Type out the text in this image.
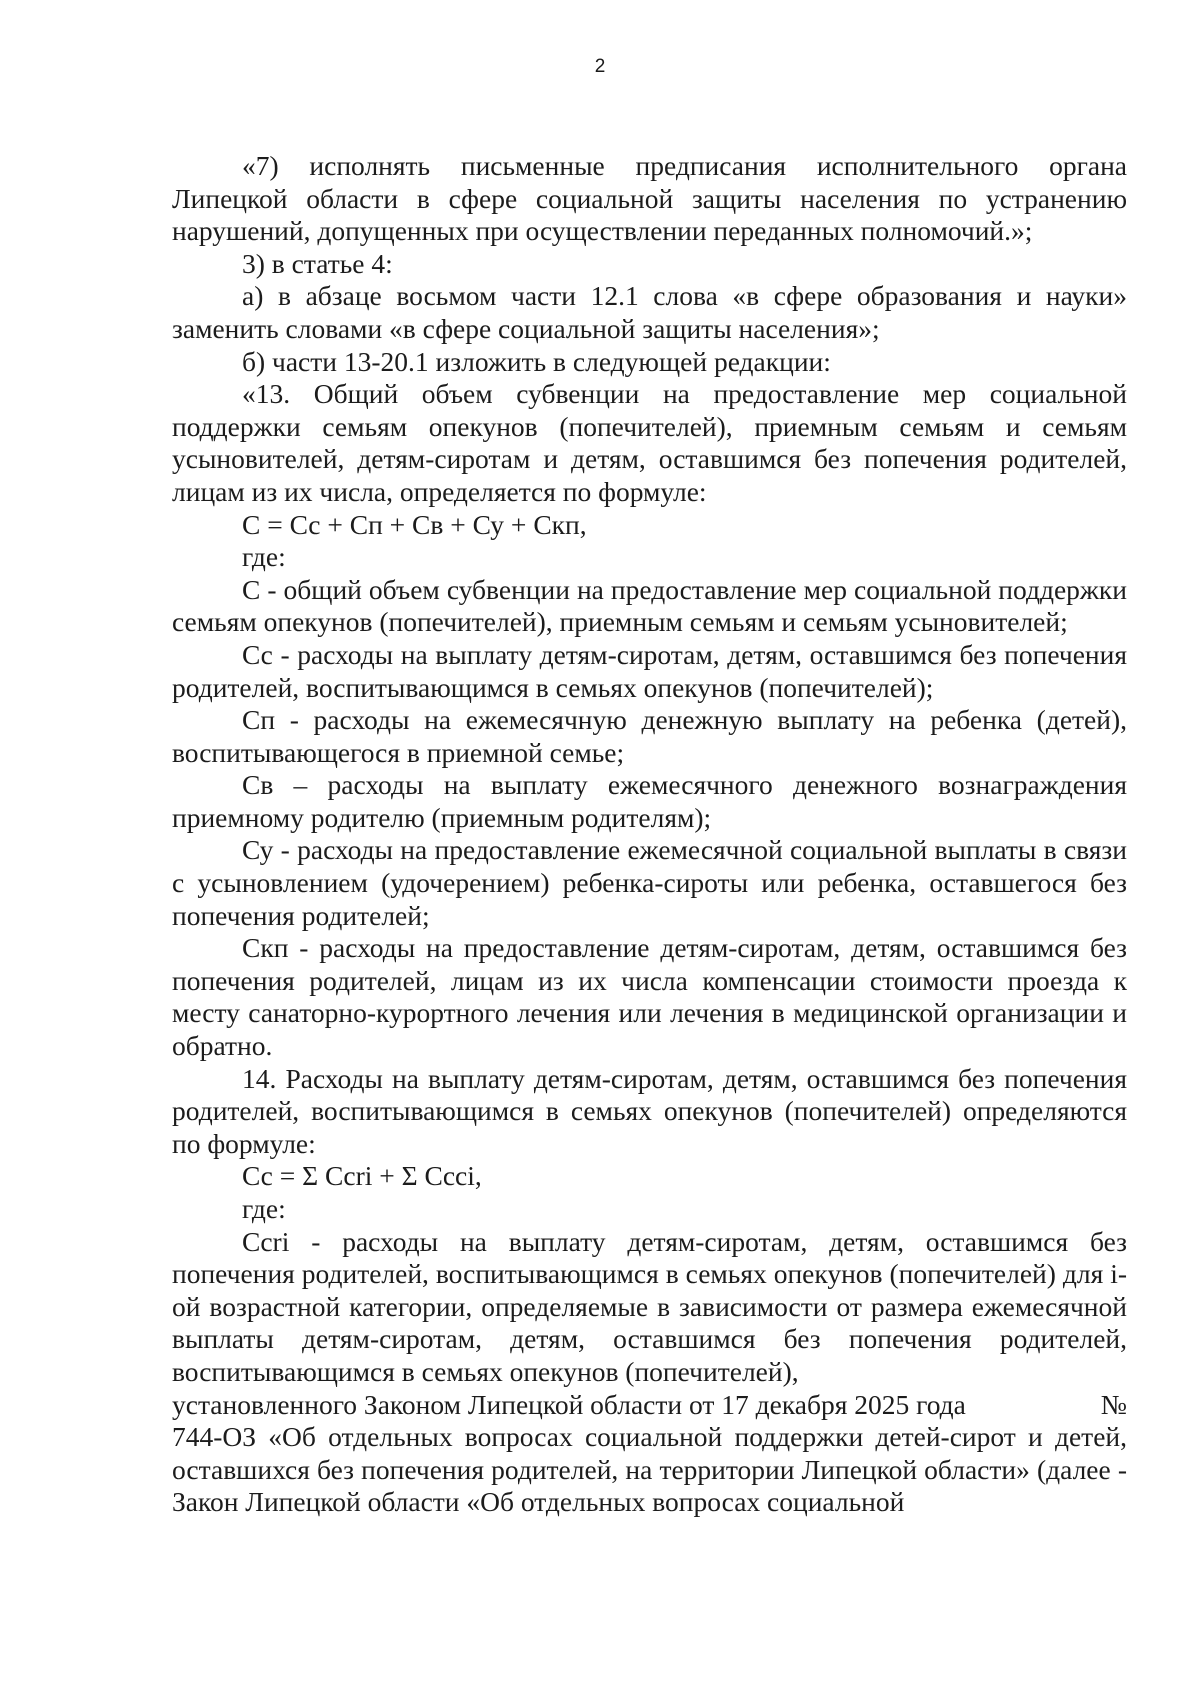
2

«7) исполнять письменные предписания исполнительного органа Липецкой области в сфере социальной защиты населения по устранению нарушений, допущенных при осуществлении переданных полномочий.»;

3) в статье 4:

а) в абзаце восьмом части 12.1 слова «в сфере образования и науки» заменить словами «в сфере социальной защиты населения»;

б) части 13-20.1 изложить в следующей редакции:

«13. Общий объем субвенции на предоставление мер социальной поддержки семьям опекунов (попечителей), приемным семьям и семьям усыновителей, детям-сиротам и детям, оставшимся без попечения родителей, лицам из их числа, определяется по формуле:

С = Сс + Сп + Св + Су + Скп,

где:

С - общий объем субвенции на предоставление мер социальной поддержки семьям опекунов (попечителей), приемным семьям и семьям усыновителей;

Сс - расходы на выплату детям-сиротам, детям, оставшимся без попечения родителей, воспитывающимся в семьях опекунов (попечителей);

Сп - расходы на ежемесячную денежную выплату на ребенка (детей), воспитывающегося в приемной семье;

Св – расходы на выплату ежемесячного денежного вознаграждения приемному родителю (приемным родителям);

Су - расходы на предоставление ежемесячной социальной выплаты в связи с усыновлением (удочерением) ребенка-сироты или ребенка, оставшегося без попечения родителей;

Скп - расходы на предоставление детям-сиротам, детям, оставшимся без попечения родителей, лицам из их числа компенсации стоимости проезда к месту санаторно-курортного лечения или лечения в медицинской организации и обратно.

14. Расходы на выплату детям-сиротам, детям, оставшимся без попечения родителей, воспитывающимся в семьях опекунов (попечителей) определяются по формуле:

Сс = Σ Ccri + Σ Ccci,

где:

Ccri - расходы на выплату детям-сиротам, детям, оставшимся без попечения родителей, воспитывающимся в семьях опекунов (попечителей) для i-ой возрастной категории, определяемые в зависимости от размера ежемесячной выплаты детям-сиротам, детям, оставшимся без попечения родителей, воспитывающимся в семьях опекунов (попечителей),

установленного Законом Липецкой области от 17 декабря 2025 года	№

744-ОЗ «Об отдельных вопросах социальной поддержки детей-сирот и детей, оставшихся без попечения родителей, на территории Липецкой области» (далее - Закон Липецкой области «Об отдельных вопросах социальной
